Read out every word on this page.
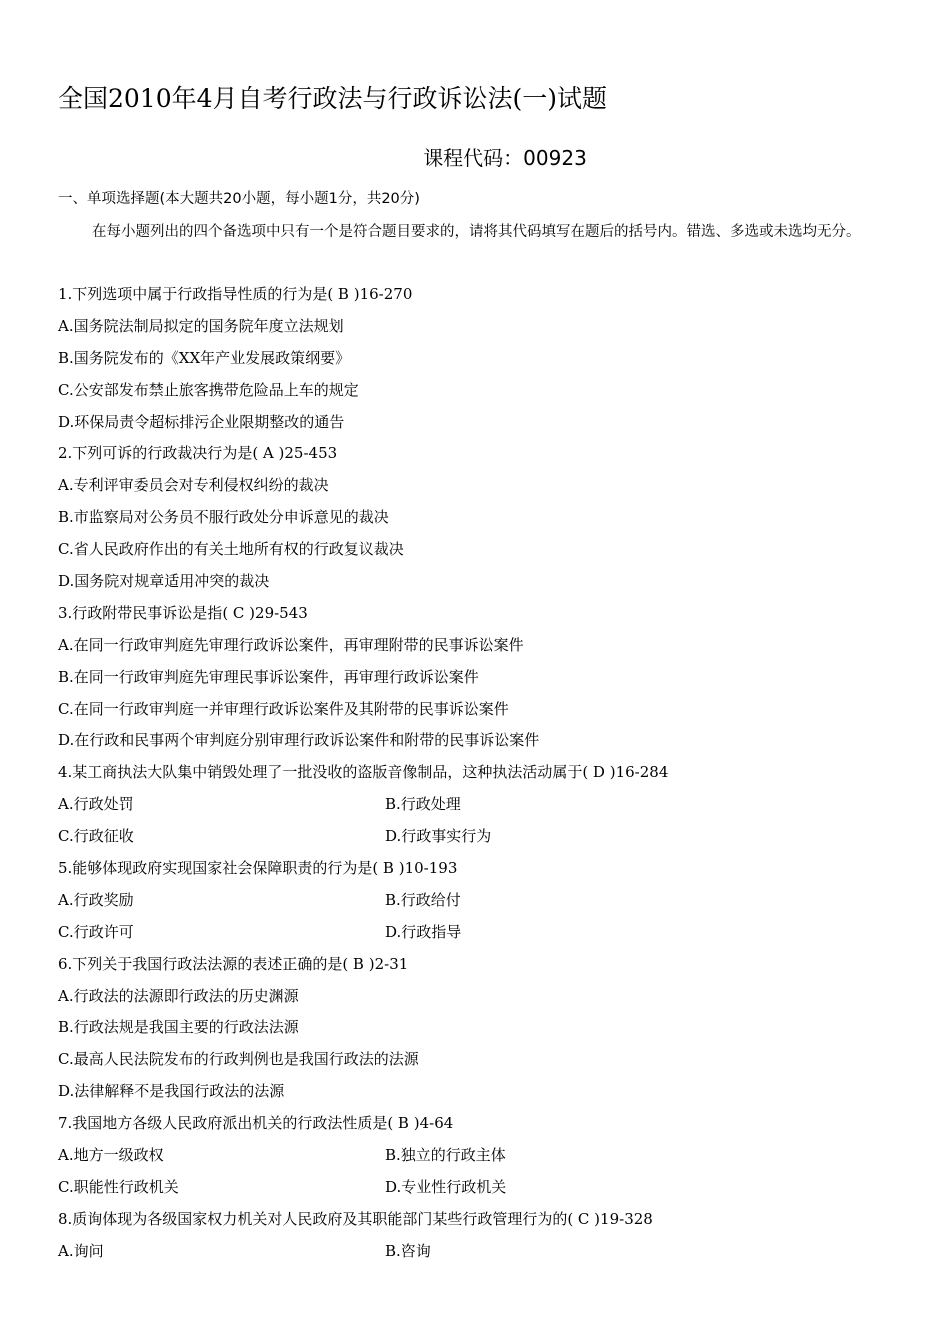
全国2010年4月自考行政法与行政诉讼法(一)试题
课程代码：00923
一、单项选择题(本大题共20小题，每小题1分，共20分)
在每小题列出的四个备选项中只有一个是符合题目要求的，请将其代码填写在题后的括号内。错选、多选或未选均无分。
1.下列选项中属于行政指导性质的行为是( B )16-270
A.国务院法制局拟定的国务院年度立法规划
B.国务院发布的《XX年产业发展政策纲要》
C.公安部发布禁止旅客携带危险品上车的规定
D.环保局责令超标排污企业限期整改的通告
2.下列可诉的行政裁决行为是( A )25-453
A.专利评审委员会对专利侵权纠纷的裁决
B.市监察局对公务员不服行政处分申诉意见的裁决
C.省人民政府作出的有关土地所有权的行政复议裁决
D.国务院对规章适用冲突的裁决
3.行政附带民事诉讼是指( C )29-543
A.在同一行政审判庭先审理行政诉讼案件，再审理附带的民事诉讼案件
B.在同一行政审判庭先审理民事诉讼案件，再审理行政诉讼案件
C.在同一行政审判庭一并审理行政诉讼案件及其附带的民事诉讼案件
D.在行政和民事两个审判庭分别审理行政诉讼案件和附带的民事诉讼案件
4.某工商执法大队集中销毁处理了一批没收的盗版音像制品，这种执法活动属于( D )16-284
A.行政处罚	B.行政处理
C.行政征收	D.行政事实行为
5.能够体现政府实现国家社会保障职责的行为是( B )10-193
A.行政奖励	B.行政给付
C.行政许可	D.行政指导
6.下列关于我国行政法法源的表述正确的是( B )2-31
A.行政法的法源即行政法的历史渊源
B.行政法规是我国主要的行政法法源
C.最高人民法院发布的行政判例也是我国行政法的法源
D.法律解释不是我国行政法的法源
7.我国地方各级人民政府派出机关的行政法性质是( B )4-64
A.地方一级政权	B.独立的行政主体
C.职能性行政机关	D.专业性行政机关
8.质询体现为各级国家权力机关对人民政府及其职能部门某些行政管理行为的( C )19-328
A.询问	B.咨询
